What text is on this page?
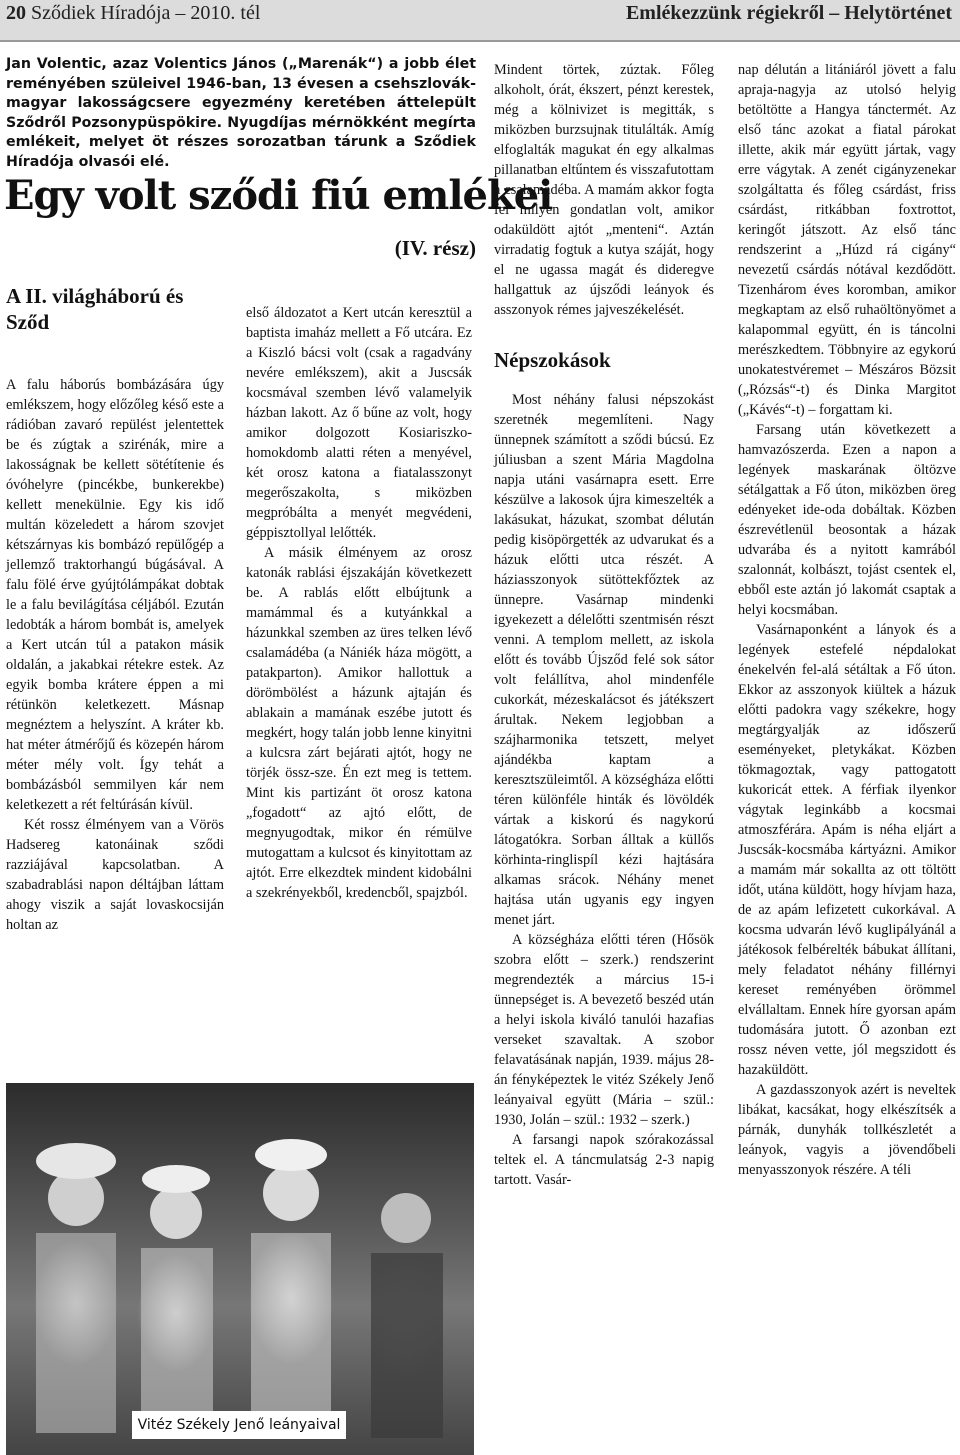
20 Sződiek Híradója – 2010. tél	Emlékezzünk régiekről – Helytörténet
Jan Volentic, azaz Volentics János („Marenák“) a jobb élet reményében szüleivel 1946-ban, 13 évesen a csehszlovák-magyar lakosságcsere egyezmény keretében áttelepült Sződről Pozsonypüspökire. Nyugdíjas mérnökként megírta emlékeit, melyet öt részes sorozatban tárunk a Sződiek Híradója olvasói elé.
Egy volt sződi fiú emlékei
(IV. rész)
A II. világháború és Sződ

A falu háborús bombázására úgy emlékszem, hogy előzőleg késő este a rádióban zavaró repülést jelentettek be és zúgtak a szirénák, mire a lakosságnak be kellett sötétítenie és óvóhelyre (pincékbe, bunkerekbe) kellett menekülnie. Egy kis idő multán közeledett a három szovjet kétszárnyas kis bombázó repülőgép a jellemző traktorhangú búgásával. A falu fölé érve gyújtólámpákat dobtak le a falu bevilágítása céljából. Ezután ledobták a három bombát is, amelyek a Kert utcán túl a patakon másik oldalán, a jakabkai rétekre estek. Az egyik bomba krátere éppen a mi rétünkön keletkezett. Másnap megnéztem a helyszínt. A kráter kb. hat méter átmérőjű és közepén három méter mély volt. Így tehát a bombázásból semmilyen kár nem keletkezett a rét feltúrásán kívül.

Két rossz élményem van a Vörös Hadsereg katonáinak sződi razziájával kapcsolatban. A szabadrablási napon déltájban láttam ahogy viszik a saját lovaskocsiján holtan az

első áldozatot a Kert utcán keresztül a baptista imaház mellett a Fő utcára. Ez a Kiszló bácsi volt (csak a ragadvány nevére emlékszem), akit a Juscsák kocsmával szemben lévő valamelyik házban lakott. Az ő bűne az volt, hogy amikor dolgozott Kosiariszko-homokdomb alatti réten a menyével, két orosz katona a fiatalasszonyt megerőszakolta, s miközben megpróbálta a menyét megvédeni, géppisztollyal lelőtték.

A másik élményem az orosz katonák rablási éjszakáján következett be. A rablás előtt elbújtunk a mamámmal és a kutyánkkal a házunkkal szemben az üres telken lévő csalamádéba (a Nániék háza mögött, a patakparton). Amikor hallottuk a dörömbölést a házunk ajtaján és ablakain a mamának eszébe jutott és megkért, hogy talán jobb lenne kinyitni a kulcsra zárt bejárati ajtót, hogy ne törjék össz-sze. Én ezt meg is tettem. Mint kis partizánt öt orosz katona „fogadott“ az ajtó előtt, de megnyugodtak, mikor én rémülve mutogattam a kulcsot és kinyitottam az ajtót. Erre elkezdtek mindent kidobálni a szekrényekből, kredencből, spajzból.

Mindent törtek, zúztak. Főleg alkoholt, órát, ékszert, pénzt kerestek, még a kölnivizet is megitták, s miközben burzsujnak titulálták. Amíg elfoglalták magukat én egy alkalmas pillanatban eltűntem és visszafutottam a csalamádéba. A mamám akkor fogta fel milyen gondatlan volt, amikor odaküldött ajtót „menteni“. Aztán virradatig fogtuk a kutya száját, hogy el ne ugassa magát és dideregve hallgattuk az újsződi leányok és asszonyok rémes jajveszékelését.

Népszokások

Most néhány falusi népszokást szeretnék megemlíteni. Nagy ünnepnek számított a sződi búcsú. Ez júliusban a szent Mária Magdolna napja utáni vasárnapra esett. Erre készülve a lakosok újra kimeszelték a lakásukat, házukat, szombat délután pedig kisöpörgették az udvarukat és a házuk előtti utca részét. A háziasszonyok sütöttekfőztek az ünnepre. Vasárnap mindenki igyekezett a délelőtti szentmisén részt venni. A templom mellett, az iskola előtt és tovább Újsződ felé sok sátor volt felállítva, ahol mindenféle cukorkát, mézeskalácsot és játékszert árultak. Nekem legjobban a szájharmonika tetszett, melyet ajándékba kaptam a keresztszüleimtől. A községháza előtti téren különféle hinták és lövöldék vártak a kiskorú és nagykorú látogatókra. Sorban álltak a küllős körhinta-ringlispíl kézi hajtására alkamas srácok. Néhány menet hajtása után ugyanis egy ingyen menet járt.

A községháza előtti téren (Hősök szobra előtt – szerk.) rendszerint megrendezték a március 15-i ünnepséget is. A bevezető beszéd után a helyi iskola kiváló tanulói hazafias verseket szavaltak. A szobor felavatásának napján, 1939. május 28-án fényképeztek le vitéz Székely Jenő leányaival együtt (Mária – szül.: 1930, Jolán – szül.: 1932 – szerk.)

A farsangi napok szórakozással teltek el. A táncmulatság 2-3 napig tartott. Vasár-

nap délután a litániáról jövett a falu apraja-nagyja az utolsó helyig betöltötte a Hangya tánctermét. Az első tánc azokat a fiatal párokat illette, akik már együtt jártak, vagy erre vágytak. A zenét cigányzenekar szolgáltatta és főleg csárdást, friss csárdást, ritkábban foxtrottot, keringőt játszott. Az első tánc rendszerint a „Húzd rá cigány“ nevezetű csárdás nótával kezdődött. Tizenhárom éves koromban, amikor megkaptam az első ruhaöltönyömet a kalapommal együtt, én is táncolni merészkedtem. Többnyire az egykorú unokatestvéremet – Mészáros Bözsit („Rózsás“-t) és Dinka Margitot („Kávés“-t) – forgattam ki.

Farsang után következett a hamvazószerda. Ezen a napon a legények maskarának öltözve sétálgattak a Fő úton, miközben öreg edényeket ide-oda dobáltak. Közben észrevétlenül beosontak a házak udvarába és a nyitott kamrából szalonnát, kolbászt, tojást csentek el, ebből este aztán jó lakomát csaptak a helyi kocsmában.

Vasárnaponként a lányok és a legények estefelé népdalokat énekelvén fel-alá sétáltak a Fő úton. Ekkor az asszonyok kiültek a házuk előtti padokra vagy székekre, hogy megtárgyalják az időszerű eseményeket, pletykákat. Közben tökmagoztak, vagy pattogatott kukoricát ettek. A férfiak ilyenkor vágytak leginkább a kocsmai atmoszférára. Apám is néha eljárt a Juscsák-kocsmába kártyázni. Amikor a mamám már sokallta az ott töltött időt, utána küldött, hogy hívjam haza, de az apám lefizetett cukorkával. A kocsma udvarán lévő kuglipályánál a játékosok felbérelték bábukat állítani, mely feladatot néhány fillérnyi kereset reményében örömmel elvállaltam. Ennek híre gyorsan apám tudomására jutott. Ő azonban ezt rossz néven vette, jól megszidott és hazaküldött.

A gazdasszonyok azért is neveltek libákat, kacsákat, hogy elkészítsék a párnák, dunyhák tollkészletét a leányok, vagyis a jövendőbeli menyasszonyok részére. A téli

Vitéz Székely Jenő leányaival
